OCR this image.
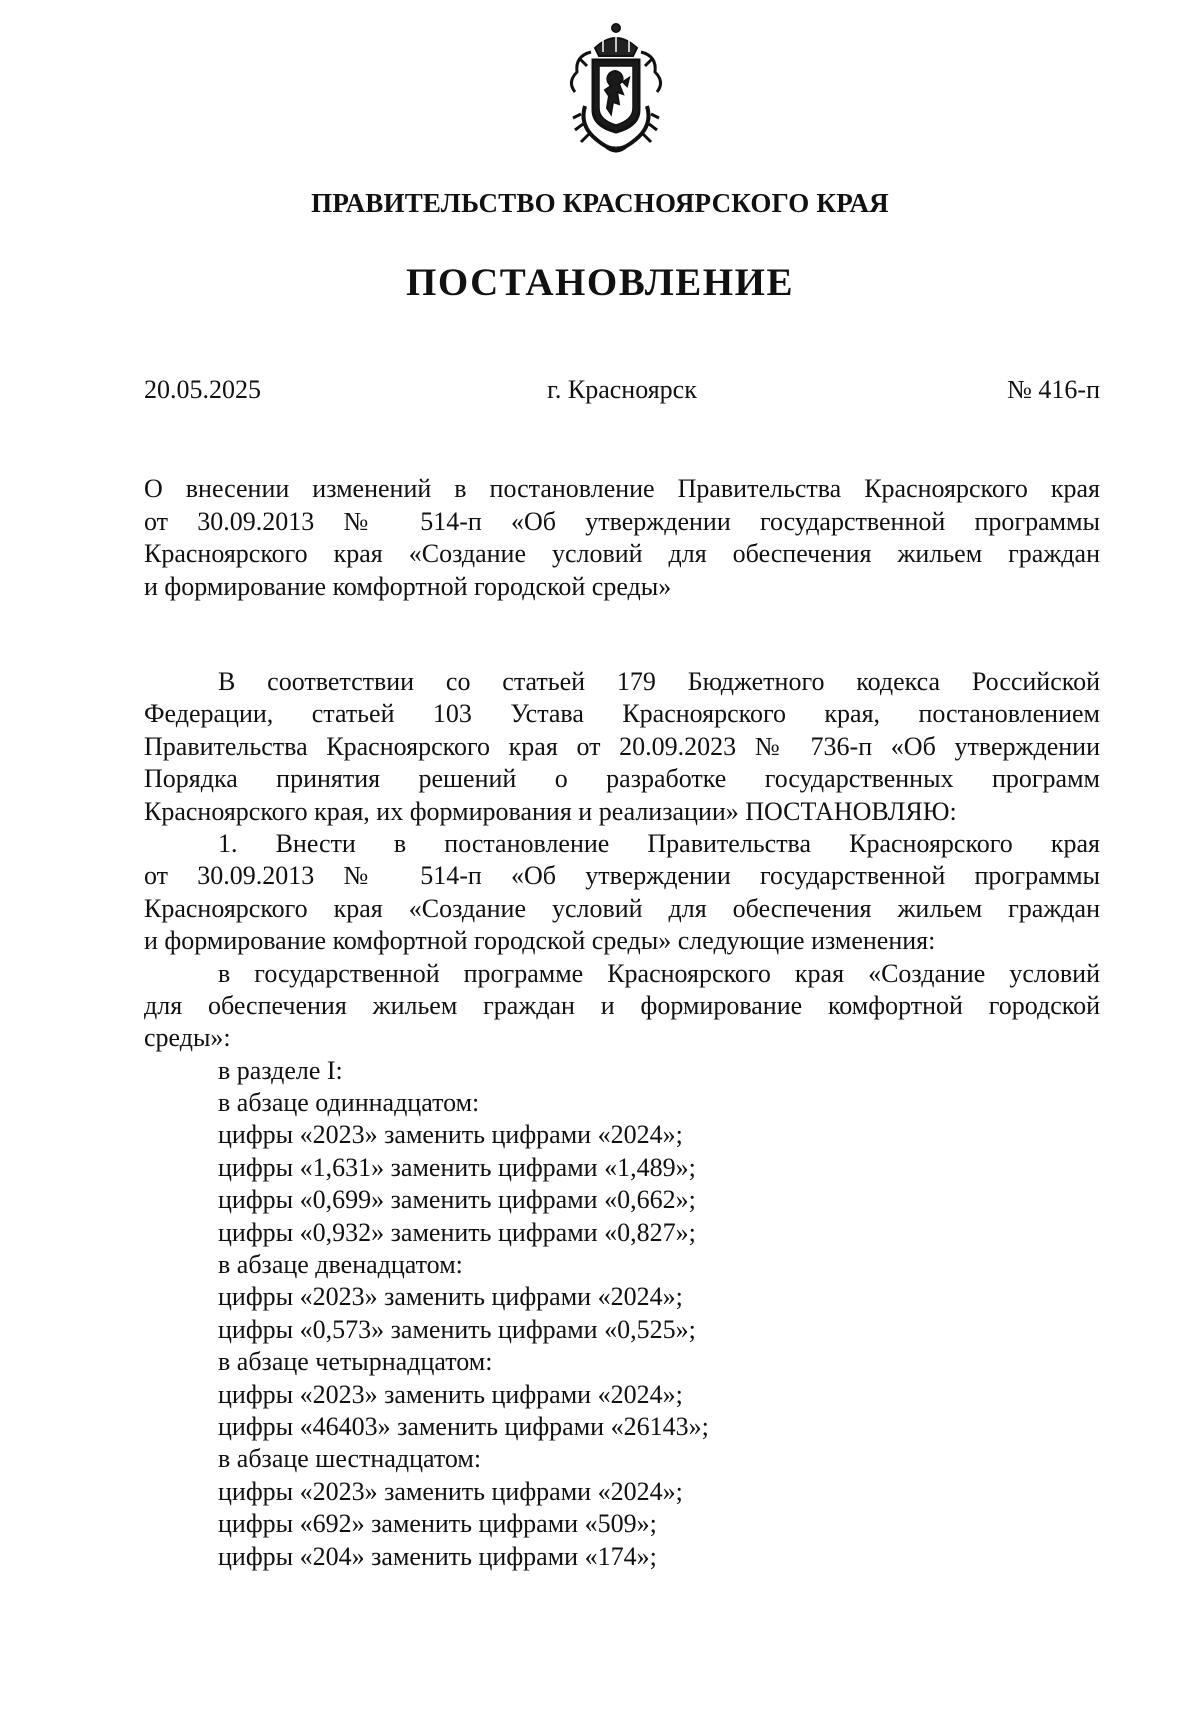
ПРАВИТЕЛЬСТВО КРАСНОЯРСКОГО КРАЯ
ПОСТАНОВЛЕНИЕ
г. Красноярск
20.05.2025	№ 416-п
О внесении изменений в постановление Правительства Красноярского края
от 30.09.2013 № 514-п «Об утверждении государственной программы
Красноярского края «Создание условий для обеспечения жильем граждан
и формирование комфортной городской среды»
В соответствии со статьей 179 Бюджетного кодекса Российской
Федерации, статьей 103 Устава Красноярского края, постановлением
Правительства Красноярского края от 20.09.2023 № 736-п «Об утверждении
Порядка принятия решений о разработке государственных программ
Красноярского края, их формирования и реализации» ПОСТАНОВЛЯЮ:
1. Внести в постановление Правительства Красноярского края
от 30.09.2013 № 514-п «Об утверждении государственной программы
Красноярского края «Создание условий для обеспечения жильем граждан
и формирование комфортной городской среды» следующие изменения:
в государственной программе Красноярского края «Создание условий
для обеспечения жильем граждан и формирование комфортной городской
среды»:
в разделе I:
в абзаце одиннадцатом:
цифры «2023» заменить цифрами «2024»;
цифры «1,631» заменить цифрами «1,489»;
цифры «0,699» заменить цифрами «0,662»;
цифры «0,932» заменить цифрами «0,827»;
в абзаце двенадцатом:
цифры «2023» заменить цифрами «2024»;
цифры «0,573» заменить цифрами «0,525»;
в абзаце четырнадцатом:
цифры «2023» заменить цифрами «2024»;
цифры «46403» заменить цифрами «26143»;
в абзаце шестнадцатом:
цифры «2023» заменить цифрами «2024»;
цифры «692» заменить цифрами «509»;
цифры «204» заменить цифрами «174»;
